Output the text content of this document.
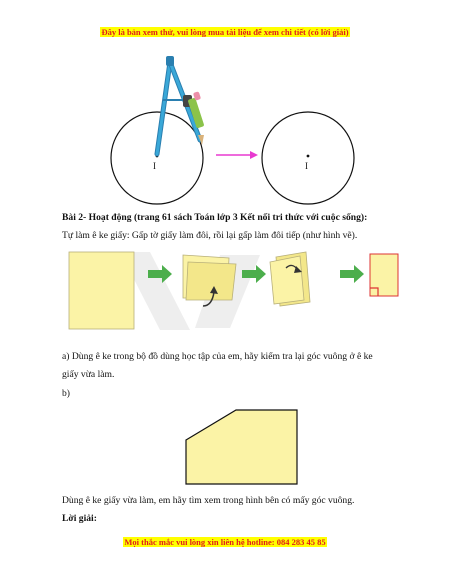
Đây là bản xem thử, vui lòng mua tài liệu để xem chi tiết (có lời giải)
I	I
Bài 2- Hoạt động (trang 61 sách Toán lớp 3 Kết nối tri thức với cuộc sống):
Tự làm ê ke giấy: Gấp tờ giấy làm đôi, rồi lại gấp làm đôi tiếp (như hình vẽ).
a) Dùng ê ke trong bộ đồ dùng học tập của em, hãy kiểm tra lại góc vuông ở ê ke
giấy vừa làm.
b)
Dùng ê ke giấy vừa làm, em hãy tìm xem trong hình bên có mấy góc vuông.
Lời giải:
Mọi thắc mắc vui lòng xin liên hệ hotline: 084 283 45 85
